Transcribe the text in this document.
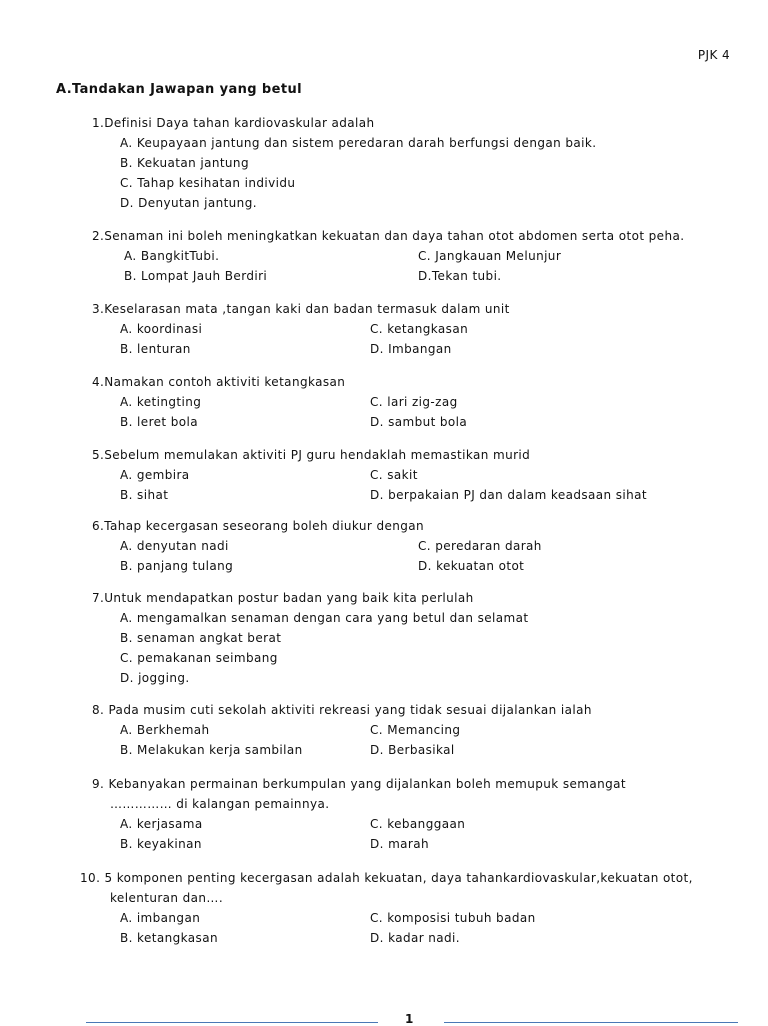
PJK 4
A.Tandakan Jawapan yang betul
1.Definisi Daya tahan kardiovaskular adalah
A. Keupayaan jantung dan sistem peredaran darah berfungsi dengan baik.
B. Kekuatan jantung
C. Tahap kesihatan individu
D. Denyutan jantung.
2.Senaman ini boleh meningkatkan kekuatan dan daya tahan otot abdomen serta otot peha.
A. BangkitTubi.	C. Jangkauan Melunjur
B. Lompat Jauh Berdiri	D.Tekan tubi.
3.Keselarasan mata ,tangan kaki dan badan termasuk dalam unit
A. koordinasi	C. ketangkasan
B. lenturan	D. Imbangan
4.Namakan contoh aktiviti ketangkasan
A. ketingting	C. lari zig-zag
B. leret bola	D. sambut bola
5.Sebelum memulakan aktiviti PJ guru hendaklah memastikan murid
A. gembira	C. sakit
B. sihat	D. berpakaian PJ dan dalam keadsaan sihat
6.Tahap kecergasan seseorang boleh diukur dengan
A. denyutan nadi	C. peredaran darah
B. panjang tulang	D. kekuatan otot
7.Untuk mendapatkan postur badan yang baik kita perlulah
A. mengamalkan senaman dengan cara yang betul dan selamat
B. senaman angkat berat
C. pemakanan seimbang
D. jogging.
8. Pada musim cuti sekolah aktiviti rekreasi yang tidak sesuai dijalankan ialah
A. Berkhemah	C. Memancing
B. Melakukan kerja sambilan	D. Berbasikal
9. Kebanyakan permainan berkumpulan yang dijalankan boleh memupuk semangat
…………… di kalangan pemainnya.
A. kerjasama	C. kebanggaan
B. keyakinan	D. marah
10. 5 komponen penting kecergasan adalah kekuatan, daya tahankardiovaskular,kekuatan otot,
kelenturan dan….
A. imbangan	C. komposisi tubuh badan
B. ketangkasan	D. kadar nadi.
1
